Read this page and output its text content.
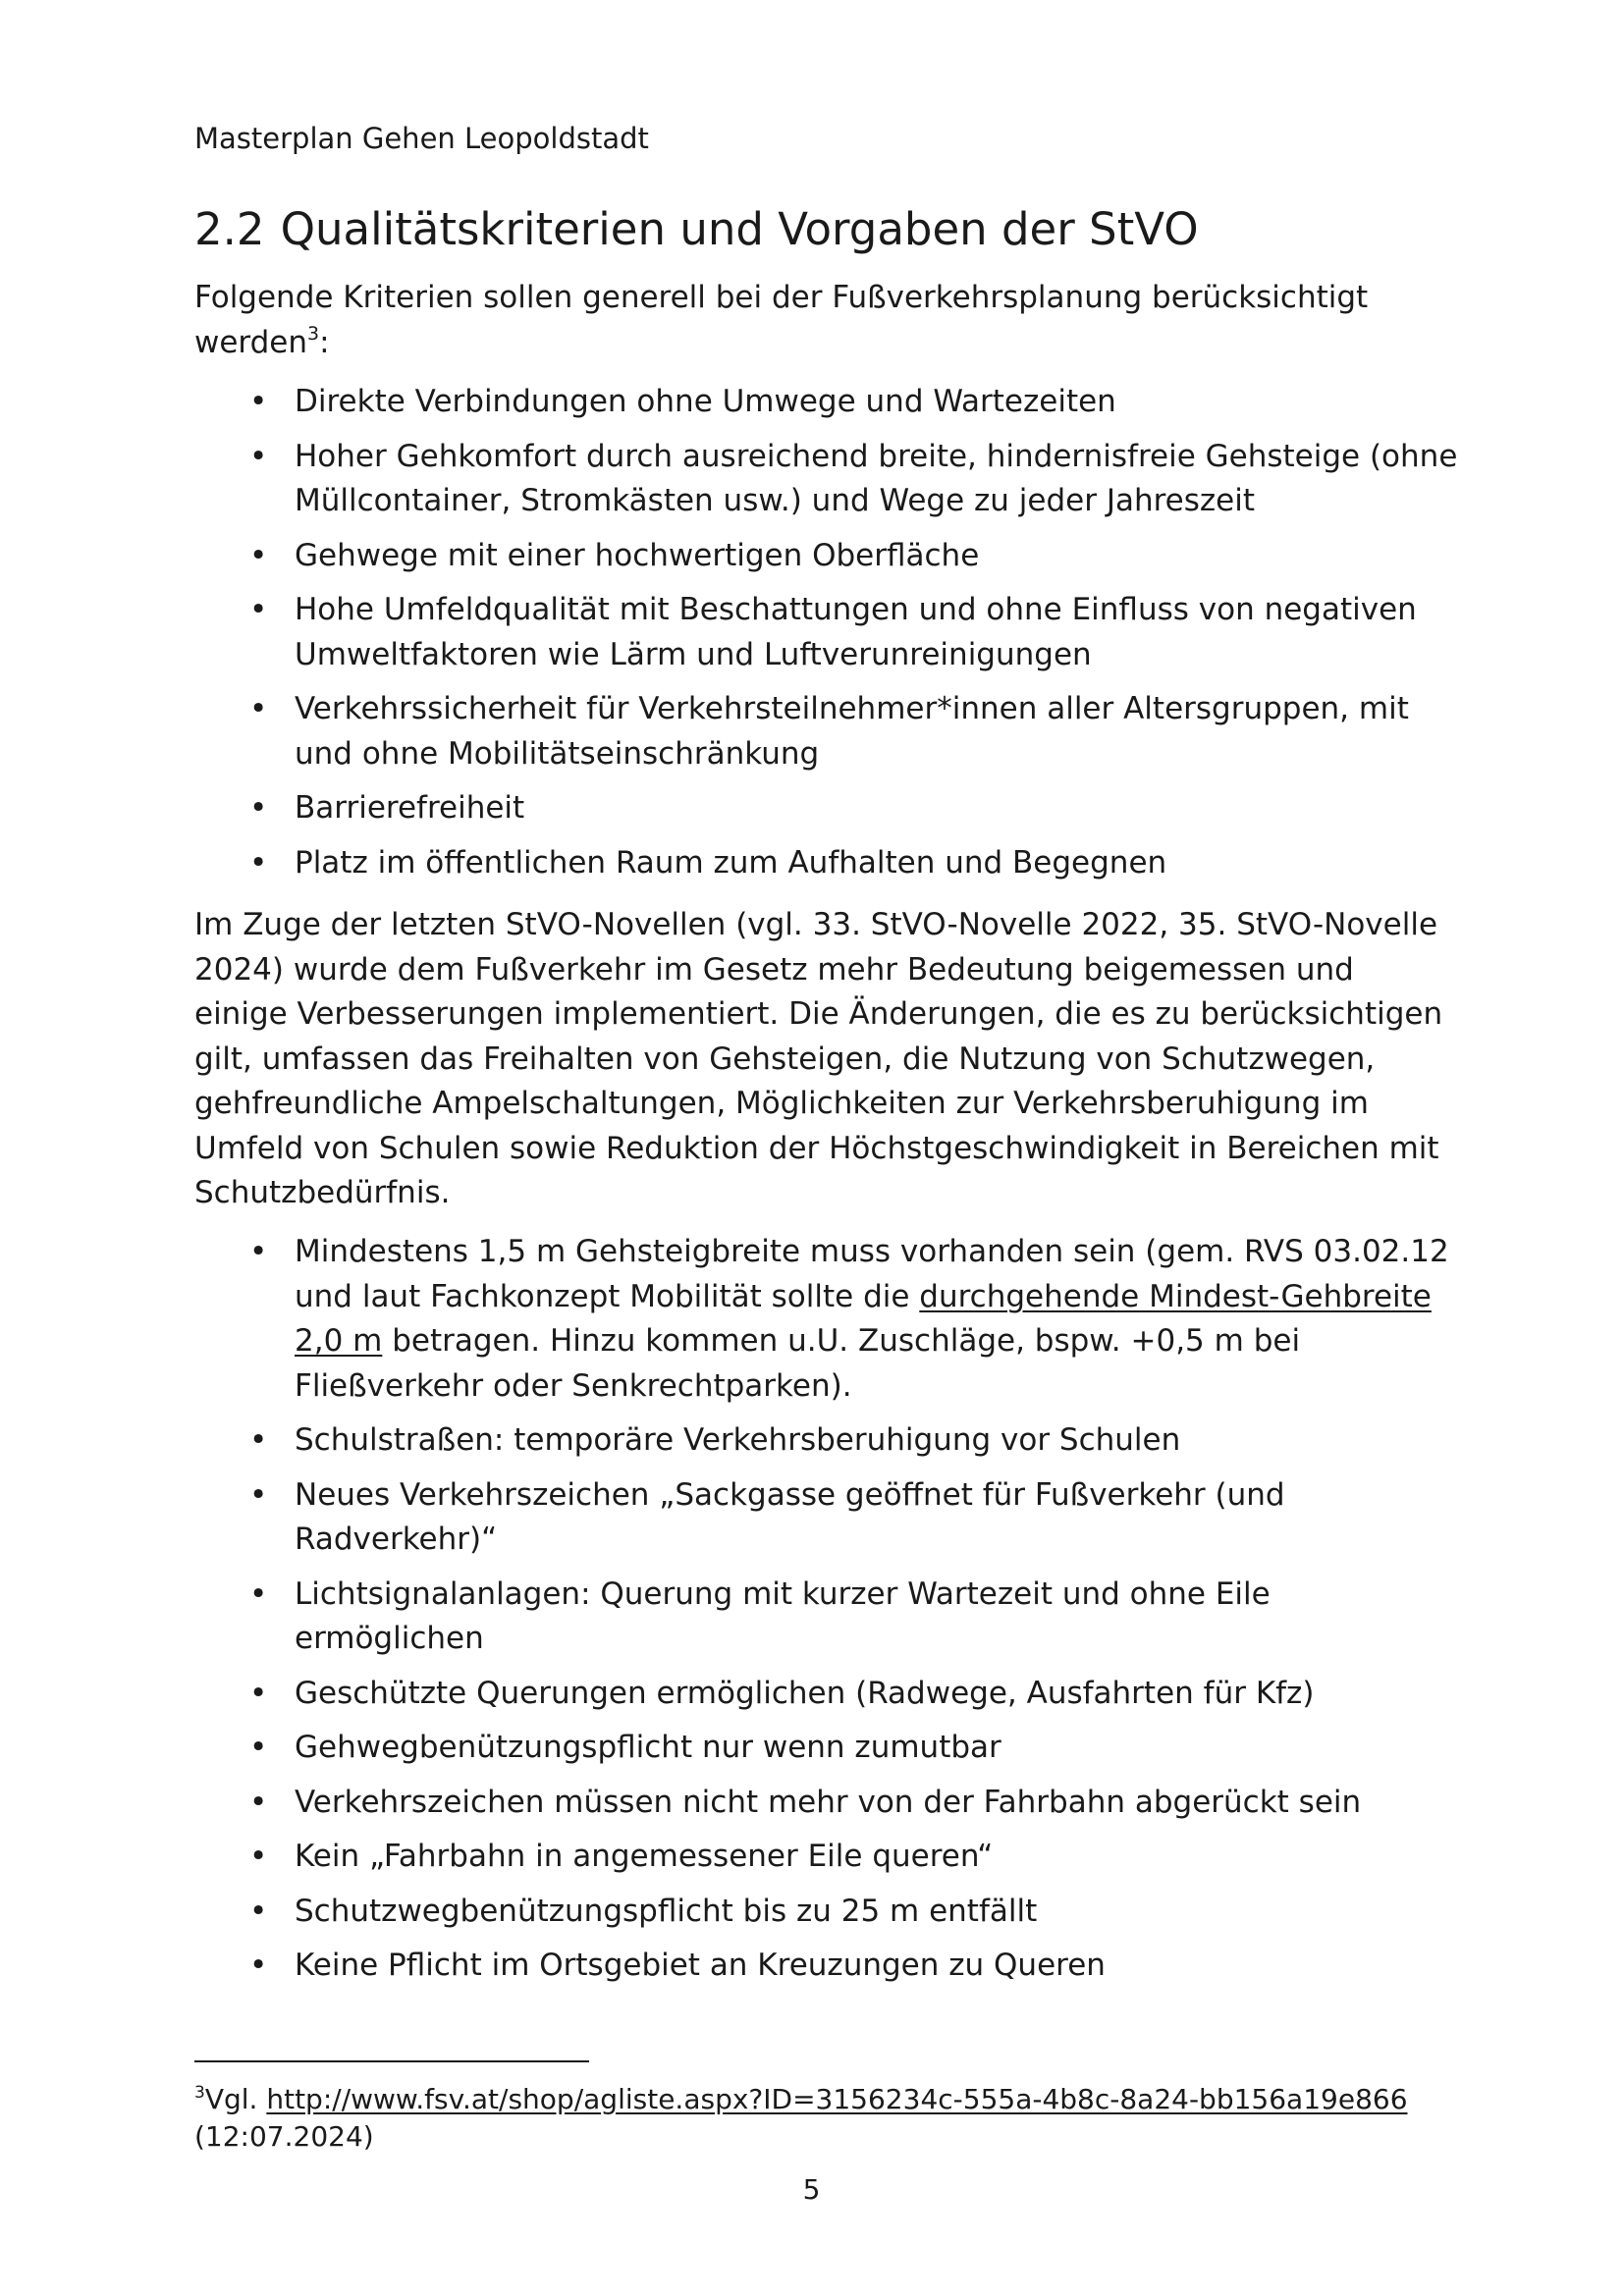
Masterplan Gehen Leopoldstadt
2.2 Qualitätskriterien und Vorgaben der StVO

Folgende Kriterien sollen generell bei der Fußverkehrsplanung berücksichtigt werden$^3$:

• Direkte Verbindungen ohne Umwege und Wartezeiten
• Hoher Gehkomfort durch ausreichend breite, hindernisfreie Gehsteige (ohne Müllcontainer, Stromkästen usw.) und Wege zu jeder Jahreszeit
• Gehwege mit einer hochwertigen Oberfläche
• Hohe Umfeldqualität mit Beschattungen und ohne Einfluss von negativen Umweltfaktoren wie Lärm und Luftverunreinigungen
• Verkehrssicherheit für Verkehrsteilnehmer*innen aller Altersgruppen, mit und ohne Mobilitätseinschränkung
• Barrierefreiheit
• Platz im öffentlichen Raum zum Aufhalten und Begegnen

Im Zuge der letzten StVO-Novellen (vgl. 33. StVO-Novelle 2022, 35. StVO-Novelle 2024) wurde dem Fußverkehr im Gesetz mehr Bedeutung beigemessen und einige Verbesserungen implementiert. Die Änderungen, die es zu berücksichtigen gilt, umfassen das Freihalten von Gehsteigen, die Nutzung von Schutzwegen, gehfreundliche Ampelschaltungen, Möglichkeiten zur Verkehrsberuhigung im Umfeld von Schulen sowie Reduktion der Höchstgeschwindigkeit in Bereichen mit Schutzbedürfnis.

• Mindestens 1,5 m Gehsteigbreite muss vorhanden sein (gem. RVS 03.02.12 und laut Fachkonzept Mobilität sollte die durchgehende Mindest-Gehbreite 2,0 m betragen. Hinzu kommen u.U. Zuschläge, bspw. +0,5 m bei Fließverkehr oder Senkrechtparken).
• Schulstraßen: temporäre Verkehrsberuhigung vor Schulen
• Neues Verkehrszeichen „Sackgasse geöffnet für Fußverkehr (und Radverkehr)“
• Lichtsignalanlagen: Querung mit kurzer Wartezeit und ohne Eile ermöglichen
• Geschützte Querungen ermöglichen (Radwege, Ausfahrten für Kfz)
• Gehwegbenützungspflicht nur wenn zumutbar
• Verkehrszeichen müssen nicht mehr von der Fahrbahn abgerückt sein
• Kein „Fahrbahn in angemessener Eile queren“
• Schutzwegbenützungspflicht bis zu 25 m entfällt
• Keine Pflicht im Ortsgebiet an Kreuzungen zu Queren
$^3$Vgl. http://www.fsv.at/shop/agliste.aspx?ID=3156234c-555a-4b8c-8a24-bb156a19e866
(12:07.2024)
5
